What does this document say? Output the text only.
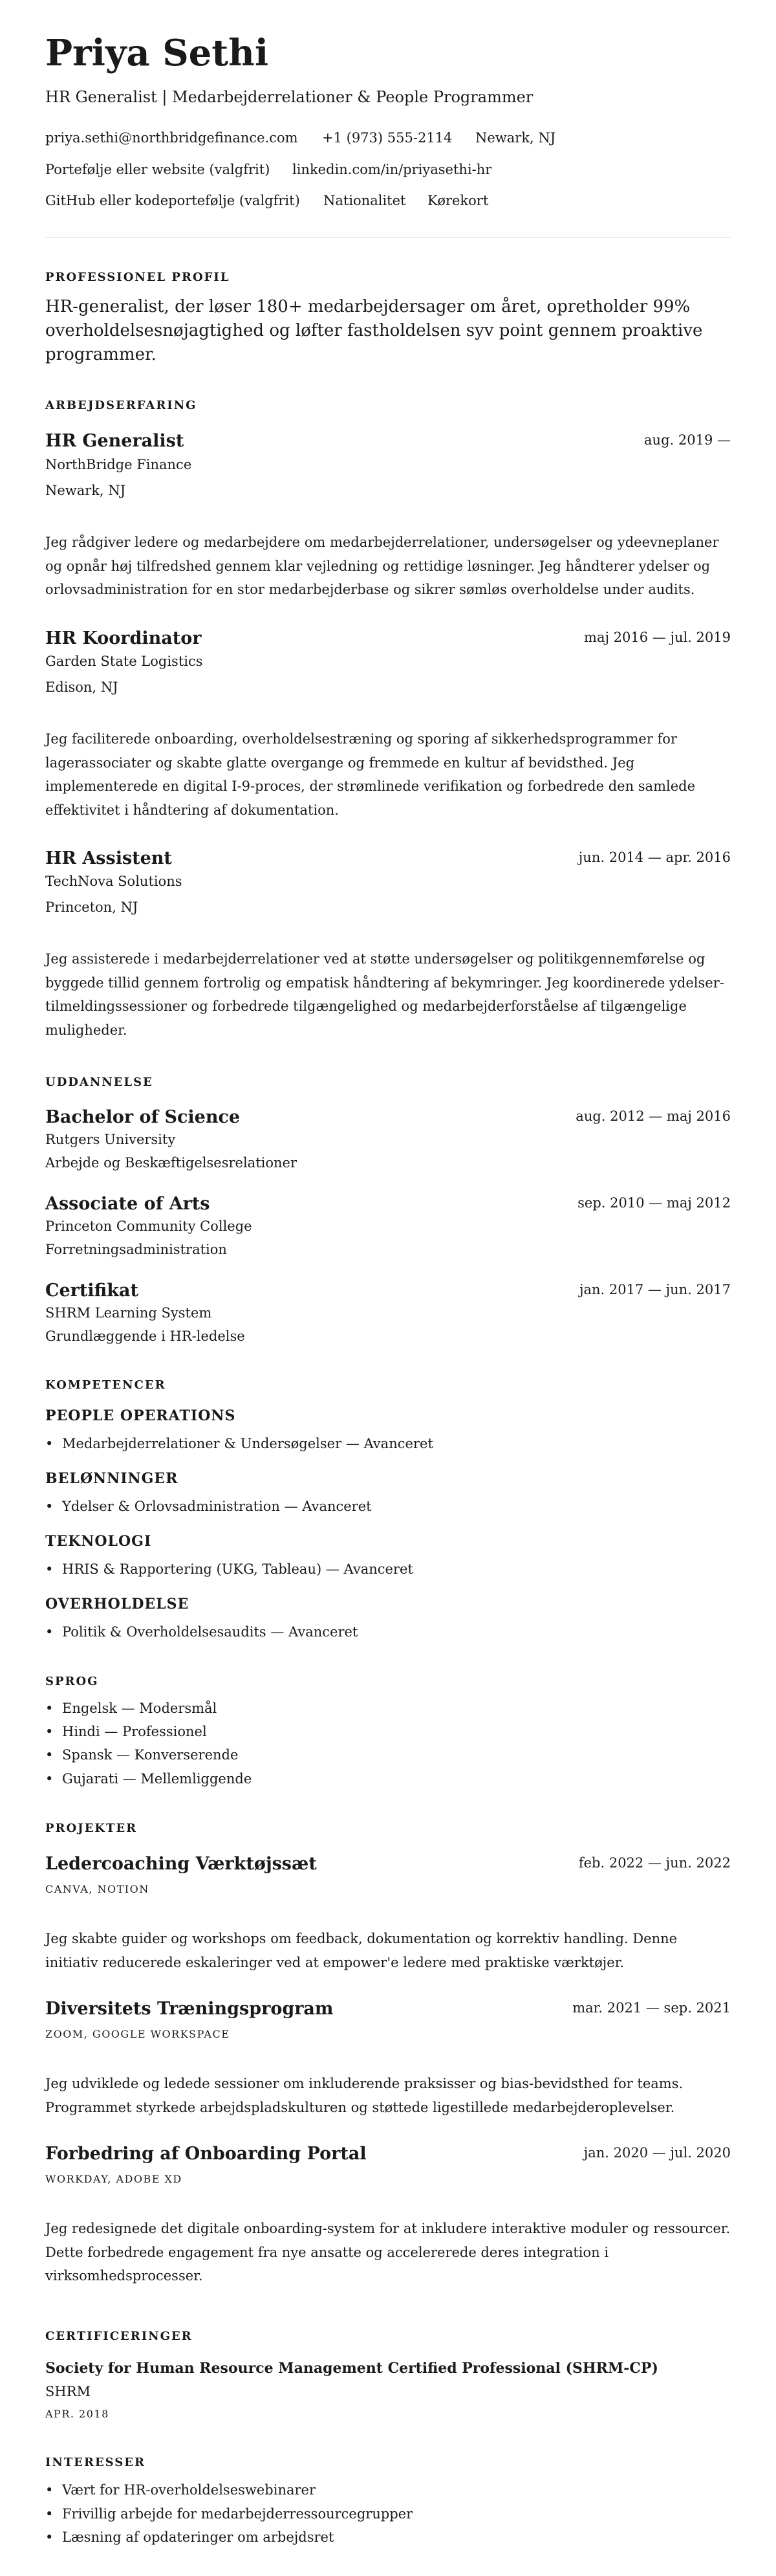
Priya Sethi
HR Generalist | Medarbejderrelationer & People Programmer
priya.sethi@northbridgefinance.com +1 (973) 555-2114 Newark, NJ
Portefølje eller website (valgfrit) linkedin.com/in/priyasethi-hr
GitHub eller kodeportefølje (valgfrit) Nationalitet Kørekort
PROFESSIONEL PROFIL

HR-generalist, der løser 180+ medarbejdersager om året, opretholder 99% overholdelsesnøjagtighed og løfter fastholdelsen syv point gennem proaktive programmer.

ARBEJDSERFARING
HR Generalist	aug. 2019 —
NorthBridge Finance
Newark, NJ

Jeg rådgiver ledere og medarbejdere om medarbejderrelationer, undersøgelser og ydeevneplaner og opnår høj tilfredshed gennem klar vejledning og rettidige løsninger. Jeg håndterer ydelser og orlovsadministration for en stor medarbejderbase og sikrer sømløs overholdelse under audits.

HR Koordinator	maj 2016 — jul. 2019
Garden State Logistics
Edison, NJ

Jeg faciliterede onboarding, overholdelsestræning og sporing af sikkerhedsprogrammer for lagerassociater og skabte glatte overgange og fremmede en kultur af bevidsthed. Jeg implementerede en digital I-9-proces, der strømlinede verifikation og forbedrede den samlede effektivitet i håndtering af dokumentation.

HR Assistent	jun. 2014 — apr. 2016
TechNova Solutions
Princeton, NJ

Jeg assisterede i medarbejderrelationer ved at støtte undersøgelser og politikgennemførelse og byggede tillid gennem fortrolig og empatisk håndtering af bekymringer. Jeg koordinerede ydelser-tilmeldingssessioner og forbedrede tilgængelighed og medarbejderforståelse af tilgængelige muligheder.

UDDANNELSE
Bachelor of Science	aug. 2012 — maj 2016
Rutgers University
Arbejde og Beskæftigelsesrelationer
Associate of Arts	sep. 2010 — maj 2012
Princeton Community College
Forretningsadministration
Certifikat	jan. 2017 — jun. 2017
SHRM Learning System
Grundlæggende i HR-ledelse
KOMPETENCER
PEOPLE OPERATIONS
• Medarbejderrelationer & Undersøgelser — Avanceret
BELØNNINGER
• Ydelser & Orlovsadministration — Avanceret
TEKNOLOGI
• HRIS & Rapportering (UKG, Tableau) — Avanceret
OVERHOLDELSE
• Politik & Overholdelsesaudits — Avanceret
SPROG
• Engelsk — Modersmål
• Hindi — Professionel
• Spansk — Konverserende
• Gujarati — Mellemliggende
PROJEKTER
Ledercoaching Værktøjssæt	feb. 2022 — jun. 2022
CANVA, NOTION

Jeg skabte guider og workshops om feedback, dokumentation og korrektiv handling. Denne initiativ reducerede eskaleringer ved at empower'e ledere med praktiske værktøjer.

Diversitets Træningsprogram	mar. 2021 — sep. 2021
ZOOM, GOOGLE WORKSPACE

Jeg udviklede og ledede sessioner om inkluderende praksisser og bias-bevidsthed for teams. Programmet styrkede arbejdspladskulturen og støttede ligestillede medarbejderoplevelser.

Forbedring af Onboarding Portal	jan. 2020 — jul. 2020
WORKDAY, ADOBE XD

Jeg redesignede det digitale onboarding-system for at inkludere interaktive moduler og ressourcer. Dette forbedrede engagement fra nye ansatte og accelererede deres integration i virksomhedsprocesser.

CERTIFICERINGER
Society for Human Resource Management Certified Professional (SHRM-CP)
SHRM
APR. 2018
INTERESSER
• Vært for HR-overholdelseswebinarer
• Frivillig arbejde for medarbejderressourcegrupper
• Læsning af opdateringer om arbejdsret
